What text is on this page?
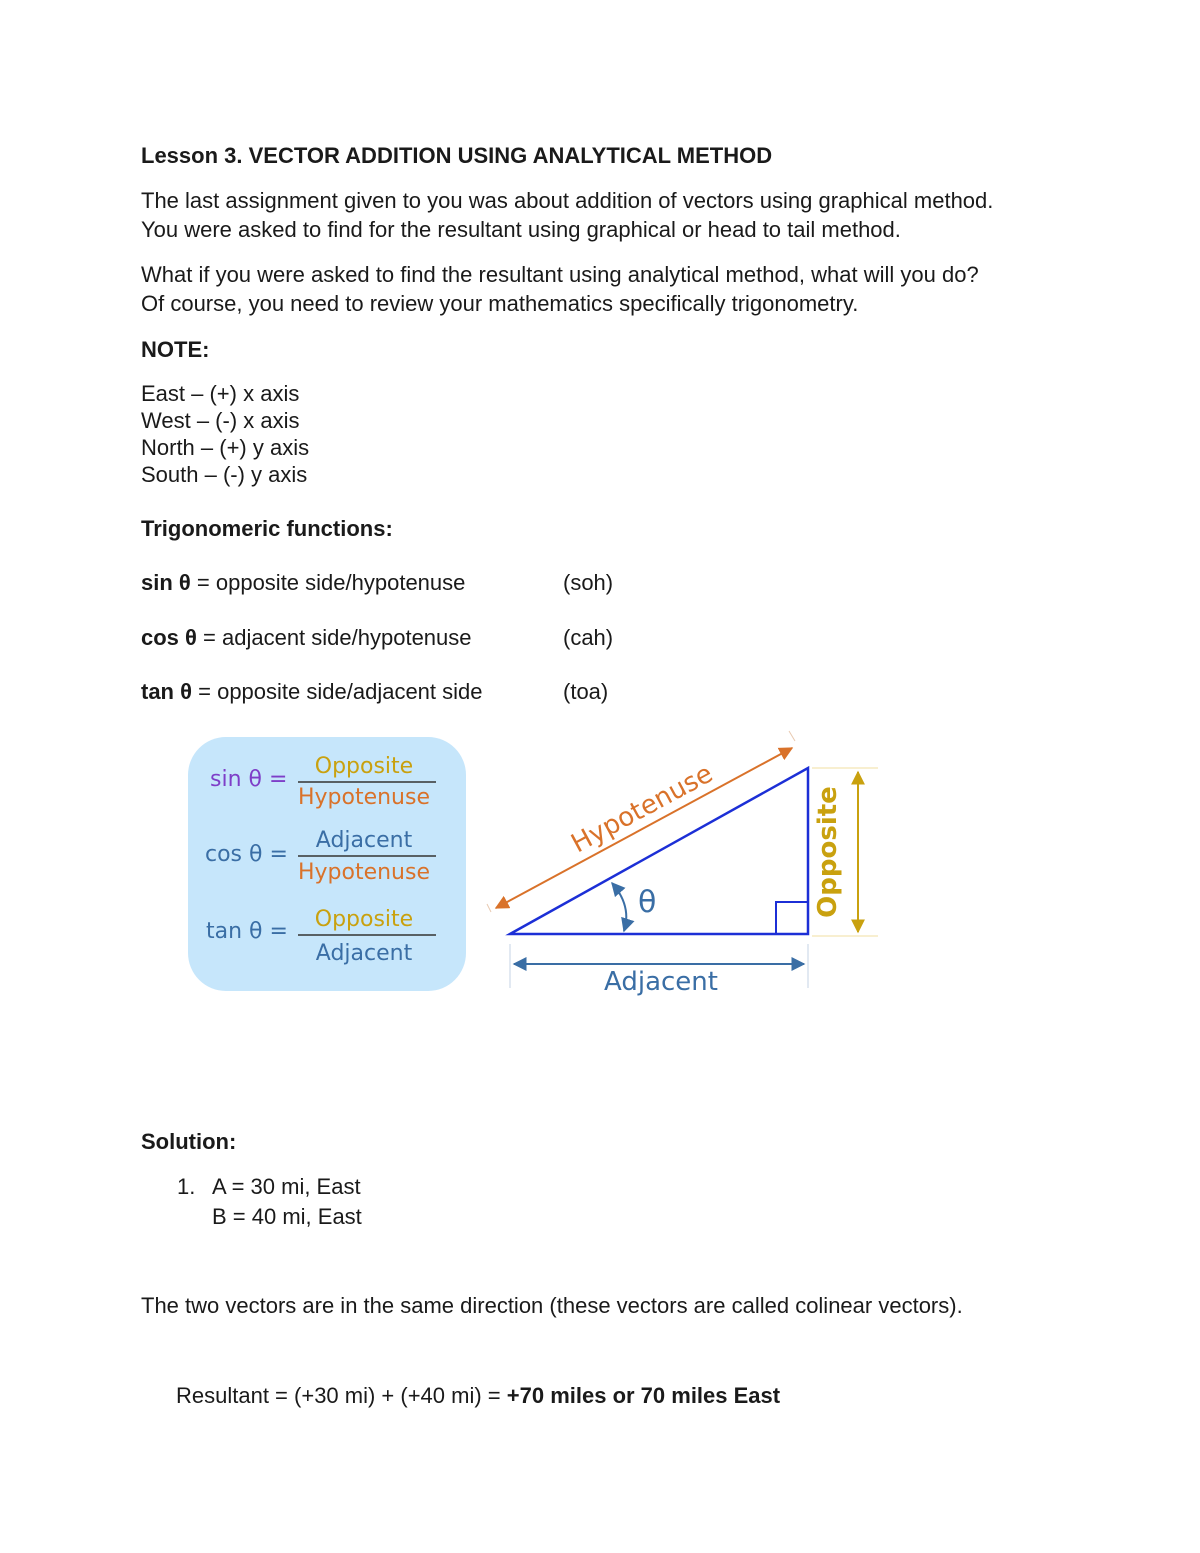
Lesson 3. VECTOR ADDITION USING ANALYTICAL METHOD
The last assignment given to you was about addition of vectors using graphical method.
You were asked to find for the resultant using graphical or head to tail method.
What if you were asked to find the resultant using analytical method, what will you do?
Of course, you need to review your mathematics specifically trigonometry.
NOTE:
East – (+) x axis
West – (-) x axis
North – (+) y axis
South – (-) y axis
Trigonomeric functions:
sin θ = opposite side/hypotenuse	(soh)
cos θ = adjacent side/hypotenuse	(cah)
tan θ = opposite side/adjacent side	(toa)
sin θ =
Opposite
Hypotenuse
cos θ =
Adjacent
Hypotenuse
tan θ = Opposite
Adjacent
θ
Hypotenuse	Opposite
Adjacent
Solution:
1. A = 30 mi, East
B = 40 mi, East
The two vectors are in the same direction (these vectors are called colinear vectors).
Resultant = (+30 mi) + (+40 mi) = +70 miles or 70 miles East
